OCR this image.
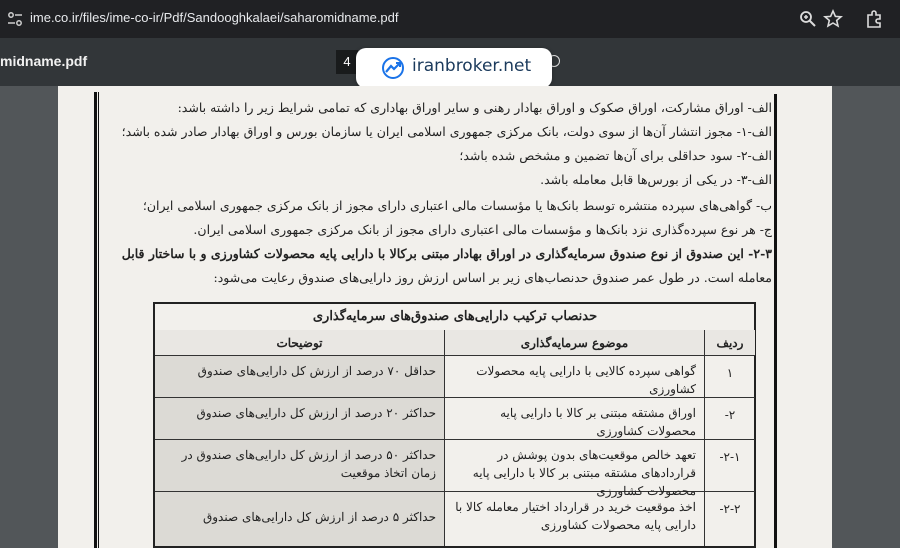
ime.co.ir/files/ime-co-ir/Pdf/Sandooghkalaei/saharomidname.pdf
midname.pdf	4	iranbroker.net
الف- اوراق مشارکت، اوراق صکوک و اوراق بهادار رهنی و سایر اوراق بهاداری که تمامی شرایط زیر را داشته باشد:
الف-۱- مجوز انتشار آن‌ها از سوی دولت، بانک مرکزی جمهوری اسلامی ایران یا سازمان بورس و اوراق بهادار صادر شده باشد؛
الف-۲- سود حداقلی برای آن‌ها تضمین و مشخص شده باشد؛
الف-۳- در یکی از بورس‌ها قابل معامله باشد.
ب- گواهی‌های سپرده منتشره توسط بانک‌ها یا مؤسسات مالی اعتباری دارای مجوز از بانک مرکزی جمهوری اسلامی ایران؛
ج- هر نوع سپرده‌گذاری نزد بانک‌ها و مؤسسات مالی اعتباری دارای مجوز از بانک مرکزی جمهوری اسلامی ایران.
۲-۳- این صندوق از نوع صندوق سرمایه‌گذاری در اوراق بهادار مبتنی برکالا با دارایی پایه محصولات کشاورزی و با ساختار قابل
معامله است. در طول عمر صندوق حدنصاب‌های زیر بر اساس ارزش روز دارایی‌های صندوق رعایت می‌شود:
حدنصاب ترکیب دارایی‌های صندوق‌های سرمایه‌گذاری
ردیف
موضوع سرمایه‌گذاری
توضیحات
۱
گواهی سپرده کالایی با دارایی پایه محصولات کشاورزی
حداقل ۷۰ درصد از ارزش کل دارایی‌های صندوق
۲-
اوراق مشتقه مبتنی بر کالا با دارایی پایه محصولات کشاورزی
حداکثر ۲۰ درصد از ارزش کل دارایی‌های صندوق
۲-۱-
تعهد خالص موقعیت‌های بدون پوشش در قراردادهای مشتقه مبتنی بر کالا با دارایی پایه محصولات کشاورزی
حداکثر ۵۰ درصد از ارزش کل دارایی‌های صندوق در زمان اتخاذ موقعیت
۲-۲-
اخذ موقعیت خرید در قرارداد اختیار معامله کالا با دارایی پایه محصولات کشاورزی
حداکثر ۵ درصد از ارزش کل دارایی‌های صندوق
